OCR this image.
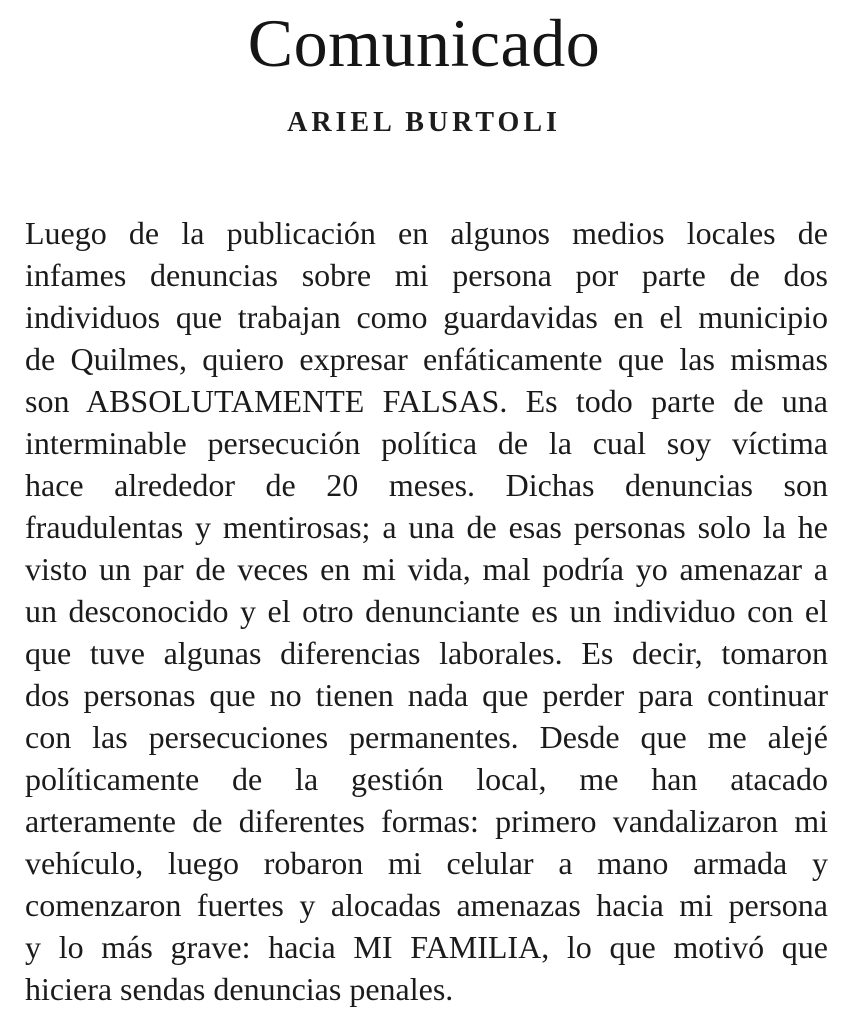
Comunicado
ARIEL BURTOLI
Luego de la publicación en algunos medios locales de
infames denuncias sobre mi persona por parte de dos
individuos que trabajan como guardavidas en el municipio
de Quilmes, quiero expresar enfáticamente que las mismas
son ABSOLUTAMENTE FALSAS. Es todo parte de una
interminable persecución política de la cual soy víctima
hace alrededor de 20 meses. Dichas denuncias son
fraudulentas y mentirosas; a una de esas personas solo la he
visto un par de veces en mi vida, mal podría yo amenazar a
un desconocido y el otro denunciante es un individuo con el
que tuve algunas diferencias laborales. Es decir, tomaron
dos personas que no tienen nada que perder para continuar
con las persecuciones permanentes. Desde que me alejé
políticamente de la gestión local, me han atacado
arteramente de diferentes formas: primero vandalizaron mi
vehículo, luego robaron mi celular a mano armada y
comenzaron fuertes y alocadas amenazas hacia mi persona
y lo más grave: hacia MI FAMILIA, lo que motivó que
hiciera sendas denuncias penales.
